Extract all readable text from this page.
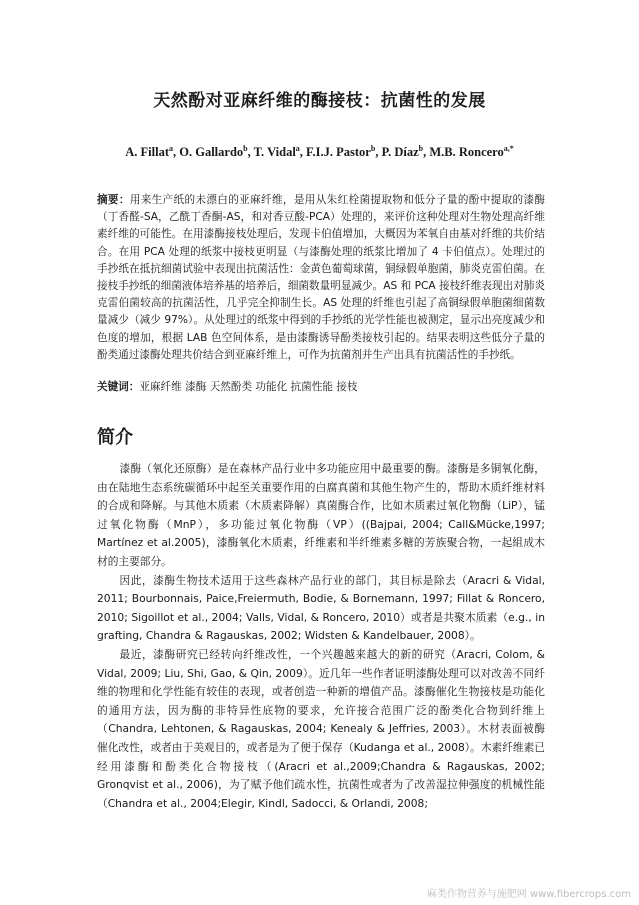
天然酚对亚麻纤维的酶接枝：抗菌性的发展
A. Fillat$^a$, O. Gallardo$^b$, T. Vidal$^a$, F.I.J. Pastor$^b$, P. Díaz$^b$, M.B. Roncero$^{a,*}$
摘要：用来生产纸的未漂白的亚麻纤维，是用从朱红栓菌提取物和低分子量的酚中提取的漆酶（丁香醛-SA，乙酰丁香酮-AS，和对香豆酸-PCA）处理的，来评价这种处理对生物处理高纤维素纤维的可能性。在用漆酶接枝处理后，发现卡伯值增加，大概因为苯氧自由基对纤维的共价结合。在用 PCA 处理的纸浆中接枝更明显（与漆酶处理的纸浆比增加了 4 卡伯值点）。处理过的手抄纸在抵抗细菌试验中表现出抗菌活性：金黄色葡萄球菌，铜绿假单胞菌，肺炎克雷伯菌。在接枝手抄纸的细菌液体培养基的培养后，细菌数量明显减少。AS 和 PCA 接枝纤维表现出对肺炎克雷伯菌较高的抗菌活性，几乎完全抑制生长。AS 处理的纤维也引起了高铜绿假单胞菌细菌数量减少（减少 97%）。从处理过的纸浆中得到的手抄纸的光学性能也被测定，显示出亮度减少和色度的增加，根据 LAB 色空间体系，是由漆酶诱导酚类接枝引起的。结果表明这些低分子量的酚类通过漆酶处理共价结合到亚麻纤维上，可作为抗菌剂并生产出具有抗菌活性的手抄纸。
关键词：亚麻纤维 漆酶 天然酚类 功能化 抗菌性能 接枝
简介

漆酶（氧化还原酶）是在森林产品行业中多功能应用中最重要的酶。漆酶是多铜氧化酶，由在陆地生态系统碳循环中起至关重要作用的白腐真菌和其他生物产生的，帮助木质纤维材料的合成和降解。与其他木质素（木质素降解）真菌酶合作，比如木质素过氧化物酶（LiP），锰过氧化物酶（MnP），多功能过氧化物酶（VP）((Bajpai, 2004; Call&Mücke,1997; Martínez et al.2005)，漆酶氧化木质素，纤维素和半纤维素多糖的芳族聚合物，一起組成木材的主要部分。

因此，漆酶生物技术适用于这些森林产品行业的部门，其目标是除去（Aracri & Vidal, 2011; Bourbonnais, Paice,Freiermuth, Bodie, & Bornemann, 1997; Fillat & Roncero, 2010; Sigoillot et al., 2004; Valls, Vidal, & Roncero, 2010）或者是共聚木质素（e.g., in grafting, Chandra & Ragauskas, 2002; Widsten & Kandelbauer, 2008）。

最近，漆酶研究已经转向纤维改性，一个兴趣越来越大的新的研究（Aracri, Colom, & Vidal, 2009; Liu, Shi, Gao, & Qin, 2009）。近几年一些作者证明漆酶处理可以对改善不同纤维的物理和化学性能有较佳的表现，或者创造一种新的增值产品。漆酶催化生物接枝是功能化的通用方法，因为酶的非特异性底物的要求，允许接合范围广泛的酚类化合物到纤维上（Chandra, Lehtonen, & Ragauskas, 2004; Kenealy & Jeffries, 2003）。木材表面被酶催化改性，或者由于美观目的，或者是为了便于保存（Kudanga et al., 2008）。木素纤维素已经用漆酶和酚类化合物接枝（(Aracri et al.,2009;Chandra & Ragauskas, 2002; Gronqvist et al., 2006)，为了赋予他们疏水性，抗菌性或者为了改善湿拉伸强度的机械性能（Chandra et al., 2004;Elegir, Kindl, Sadocci, & Orlandi, 2008;

麻类作物营养与施肥网 www.fibercrops.com
